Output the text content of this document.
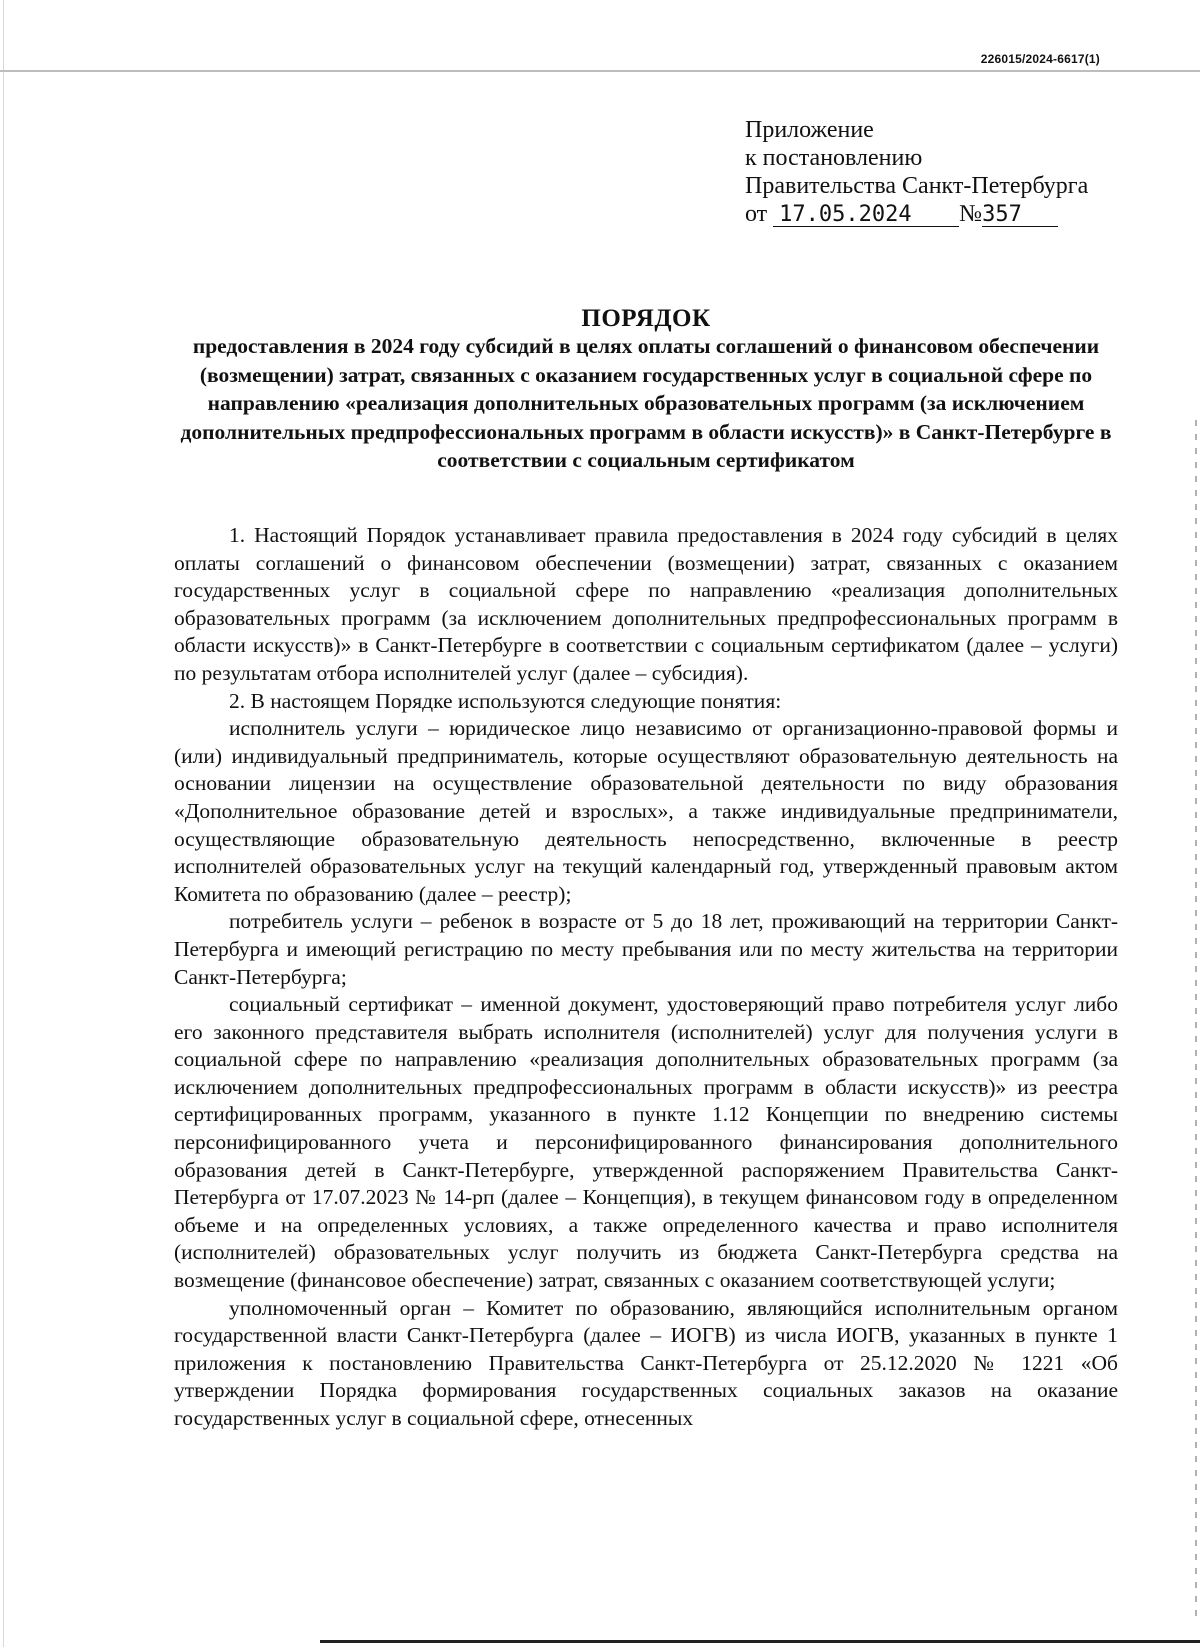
226015/2024-6617(1)
Приложение
к постановлению
Правительства Санкт-Петербурга
от 17.05.2024 №357
ПОРЯДОК
предоставления в 2024 году субсидий в целях оплаты соглашений о финансовом обеспечении (возмещении) затрат, связанных с оказанием государственных услуг в социальной сфере по направлению «реализация дополнительных образовательных программ (за исключением дополнительных предпрофессиональных программ в области искусств)» в Санкт-Петербурге в соответствии с социальным сертификатом

1. Настоящий Порядок устанавливает правила предоставления в 2024 году субсидий в целях оплаты соглашений о финансовом обеспечении (возмещении) затрат, связанных с оказанием государственных услуг в социальной сфере по направлению «реализация дополнительных образовательных программ (за исключением дополнительных предпрофессиональных программ в области искусств)» в Санкт-Петербурге в соответствии с социальным сертификатом (далее – услуги) по результатам отбора исполнителей услуг (далее – субсидия).

2. В настоящем Порядке используются следующие понятия:

исполнитель услуги – юридическое лицо независимо от организационно-правовой формы и (или) индивидуальный предприниматель, которые осуществляют образовательную деятельность на основании лицензии на осуществление образовательной деятельности по виду образования «Дополнительное образование детей и взрослых», а также индивидуальные предприниматели, осуществляющие образовательную деятельность непосредственно, включенные в реестр исполнителей образовательных услуг на текущий календарный год, утвержденный правовым актом Комитета по образованию (далее – реестр);

потребитель услуги – ребенок в возрасте от 5 до 18 лет, проживающий на территории Санкт-Петербурга и имеющий регистрацию по месту пребывания или по месту жительства на территории Санкт-Петербурга;

социальный сертификат – именной документ, удостоверяющий право потребителя услуг либо его законного представителя выбрать исполнителя (исполнителей) услуг для получения услуги в социальной сфере по направлению «реализация дополнительных образовательных программ (за исключением дополнительных предпрофессиональных программ в области искусств)» из реестра сертифицированных программ, указанного в пункте 1.12 Концепции по внедрению системы персонифицированного учета и персонифицированного финансирования дополнительного образования детей в Санкт-Петербурге, утвержденной распоряжением Правительства Санкт-Петербурга от 17.07.2023 № 14-рп (далее – Концепция), в текущем финансовом году в определенном объеме и на определенных условиях, а также определенного качества и право исполнителя (исполнителей) образовательных услуг получить из бюджета Санкт-Петербурга средства на возмещение (финансовое обеспечение) затрат, связанных с оказанием соответствующей услуги;

уполномоченный орган – Комитет по образованию, являющийся исполнительным органом государственной власти Санкт-Петербурга (далее – ИОГВ) из числа ИОГВ, указанных в пункте 1 приложения к постановлению Правительства Санкт-Петербурга от 25.12.2020 № 1221 «Об утверждении Порядка формирования государственных социальных заказов на оказание государственных услуг в социальной сфере, отнесенных
